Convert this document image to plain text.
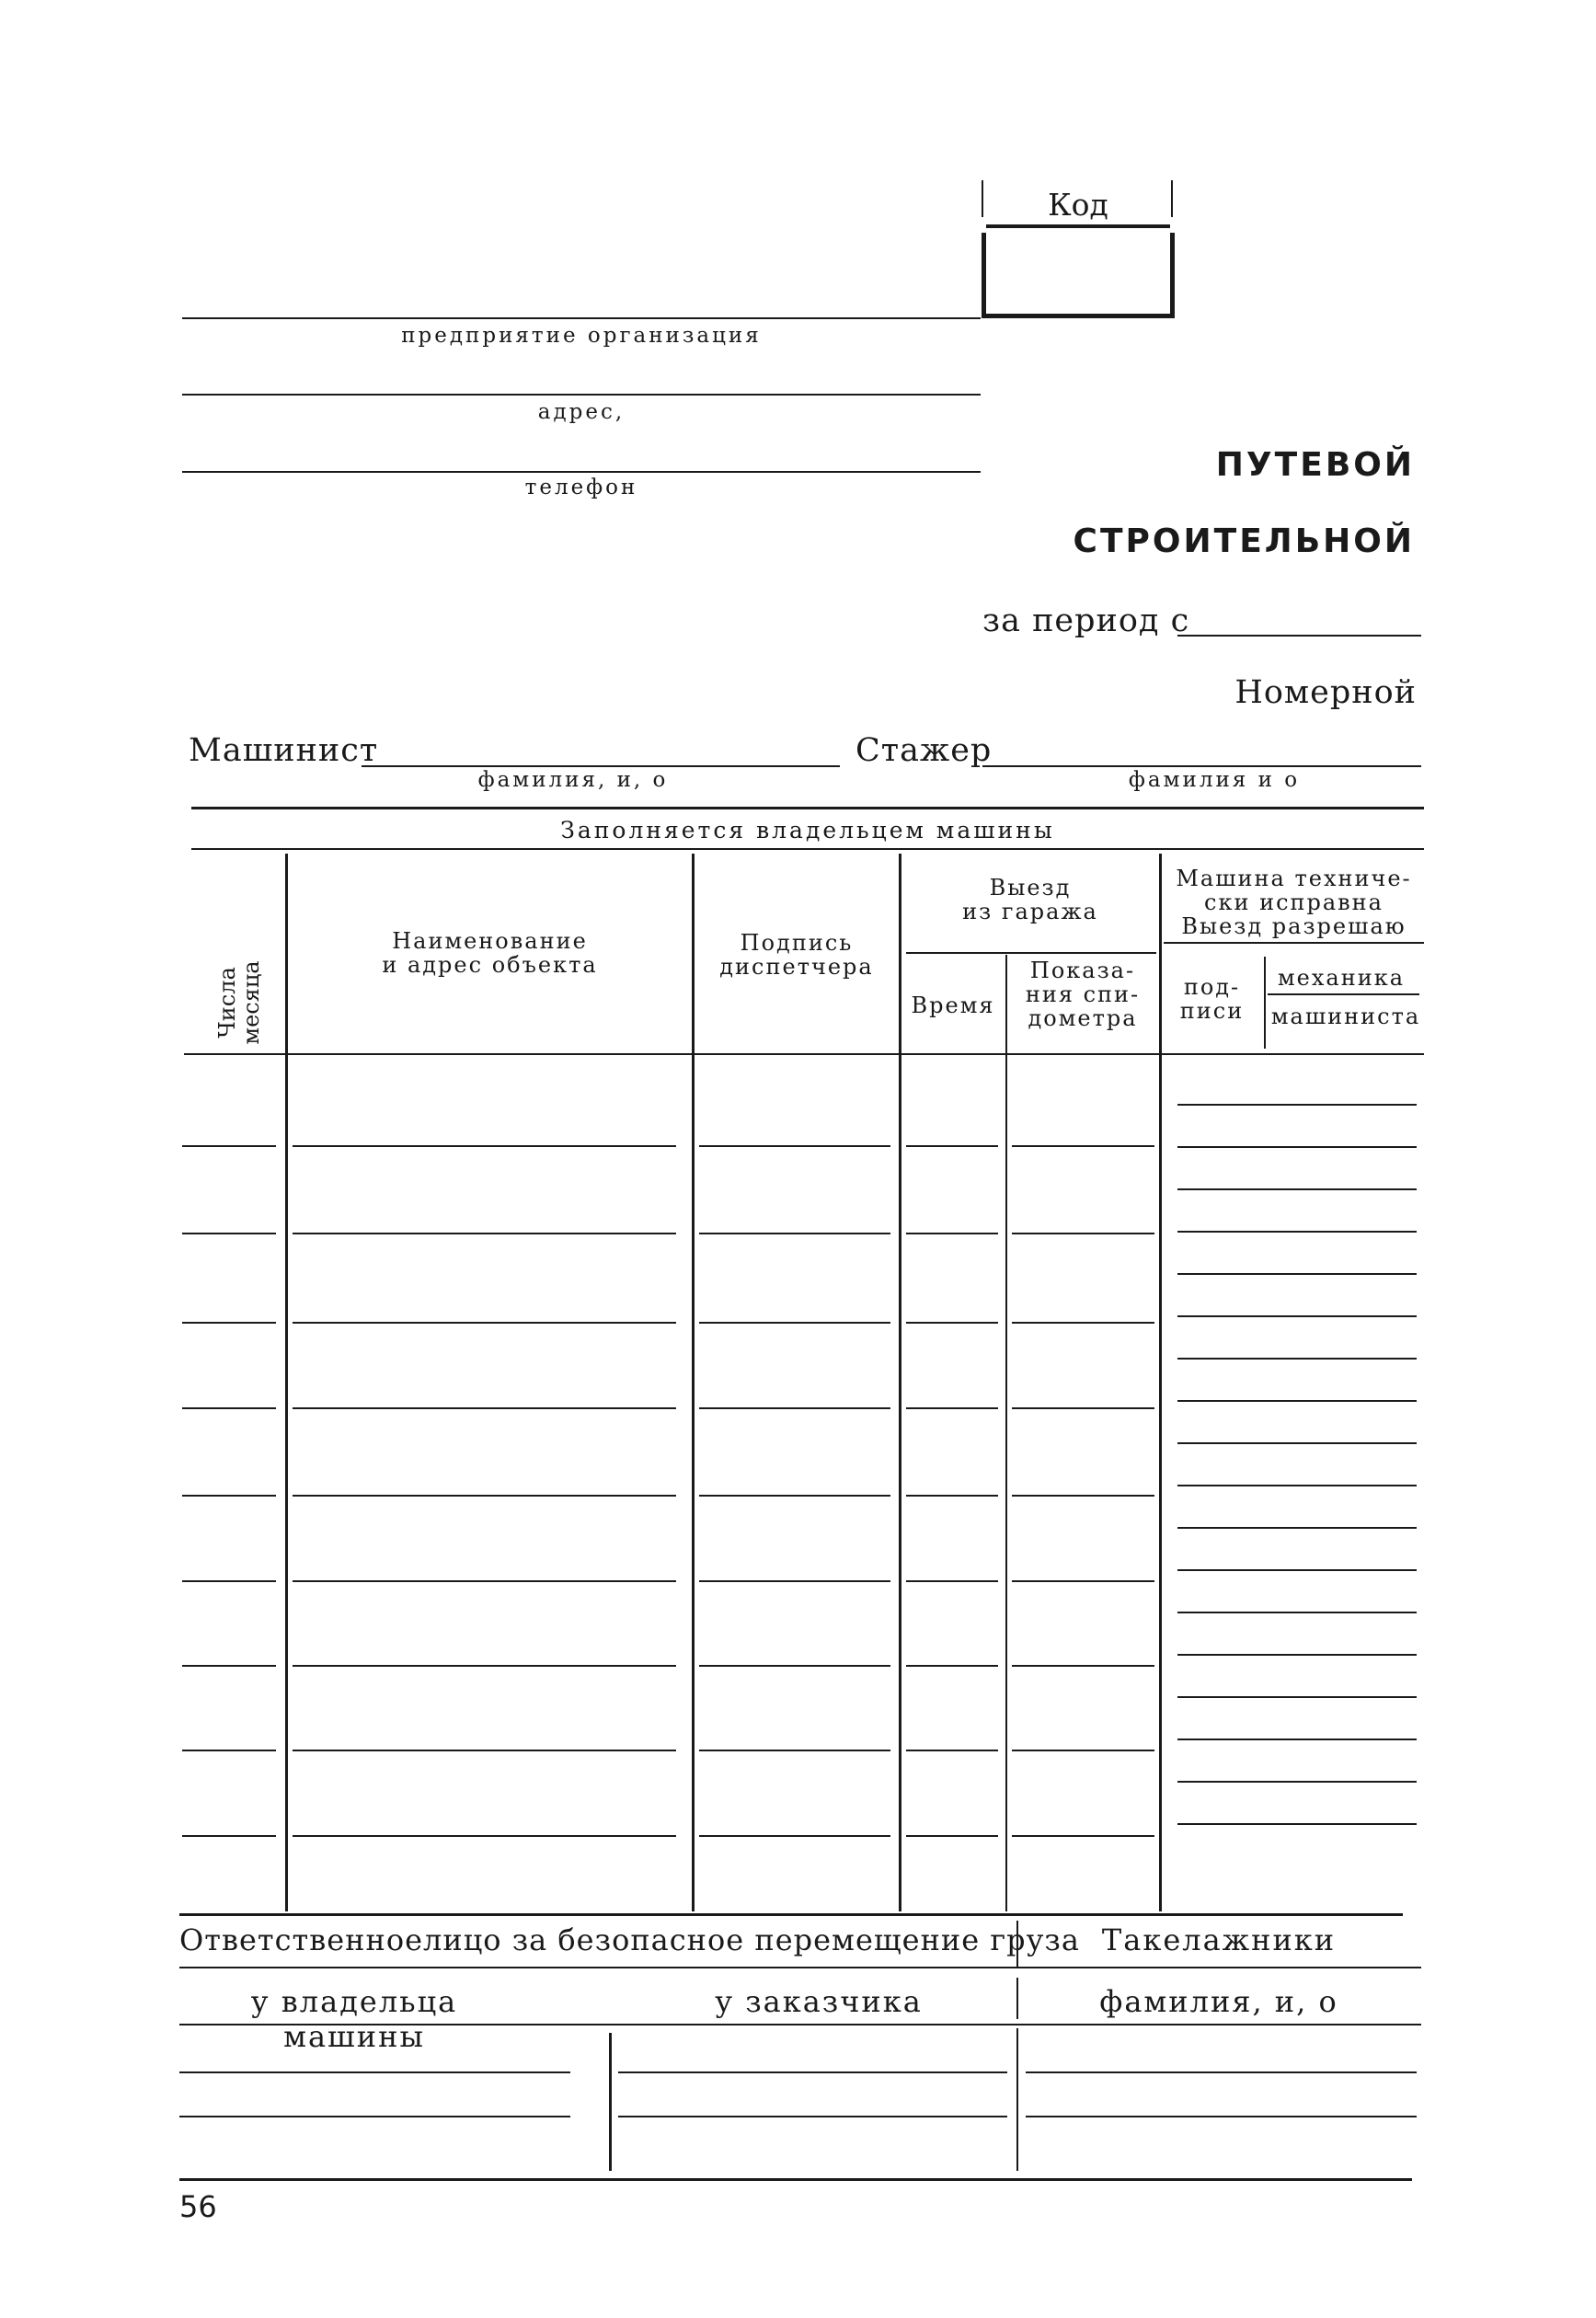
Код
предприятие организация
адрес,
телефон
ПУТЕВОЙ
СТРОИТЕЛЬНОЙ
за период с
Номерной
Машинист
фамилия, и, о
Стажер
фамилия и о
Заполняется владельцем машины
Числа
месяца
Наименование
и адрес объекта
Подпись
диспетчера
Выезд
из гаража
Время
Показа-
ния спи-
дометра
Машина техниче-
ски исправна
Выезд разрешаю
под-
писи
механика
машиниста
Ответственноелицо за безопасное перемещение груза Такелажники
у владельца машины
у заказчика	фамилия, и, о
56
